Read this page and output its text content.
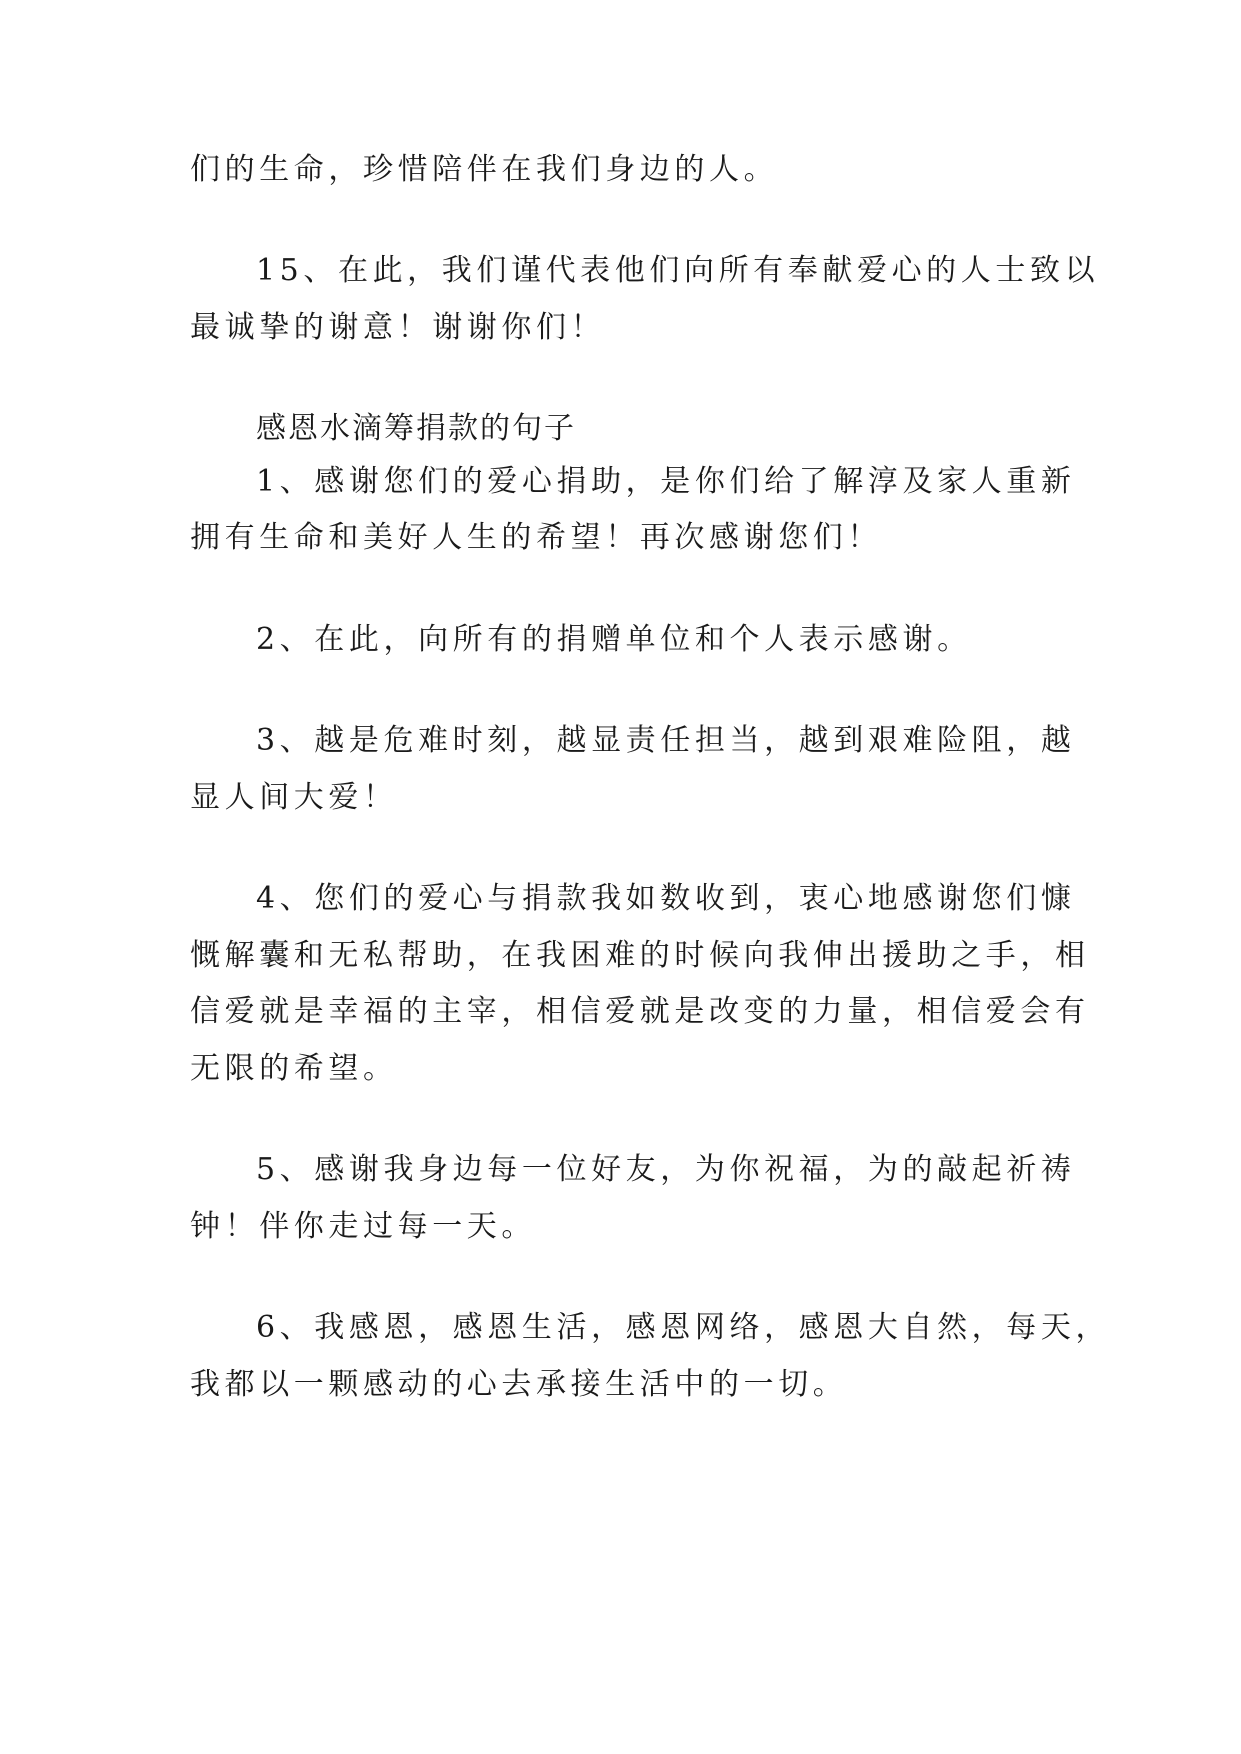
们的生命，珍惜陪伴在我们身边的人。
15、在此，我们谨代表他们向所有奉献爱心的人士致以
最诚挚的谢意！谢谢你们！
感恩水滴筹捐款的句子
1、感谢您们的爱心捐助，是你们给了解淳及家人重新
拥有生命和美好人生的希望！再次感谢您们！
2、在此，向所有的捐赠单位和个人表示感谢。
3、越是危难时刻，越显责任担当，越到艰难险阻，越
显人间大爱！
4、您们的爱心与捐款我如数收到，衷心地感谢您们慷
慨解囊和无私帮助，在我困难的时候向我伸出援助之手，相
信爱就是幸福的主宰，相信爱就是改变的力量，相信爱会有
无限的希望。
5、感谢我身边每一位好友，为你祝福，为的敲起祈祷
钟！伴你走过每一天。
6、我感恩，感恩生活，感恩网络，感恩大自然，每天，
我都以一颗感动的心去承接生活中的一切。
